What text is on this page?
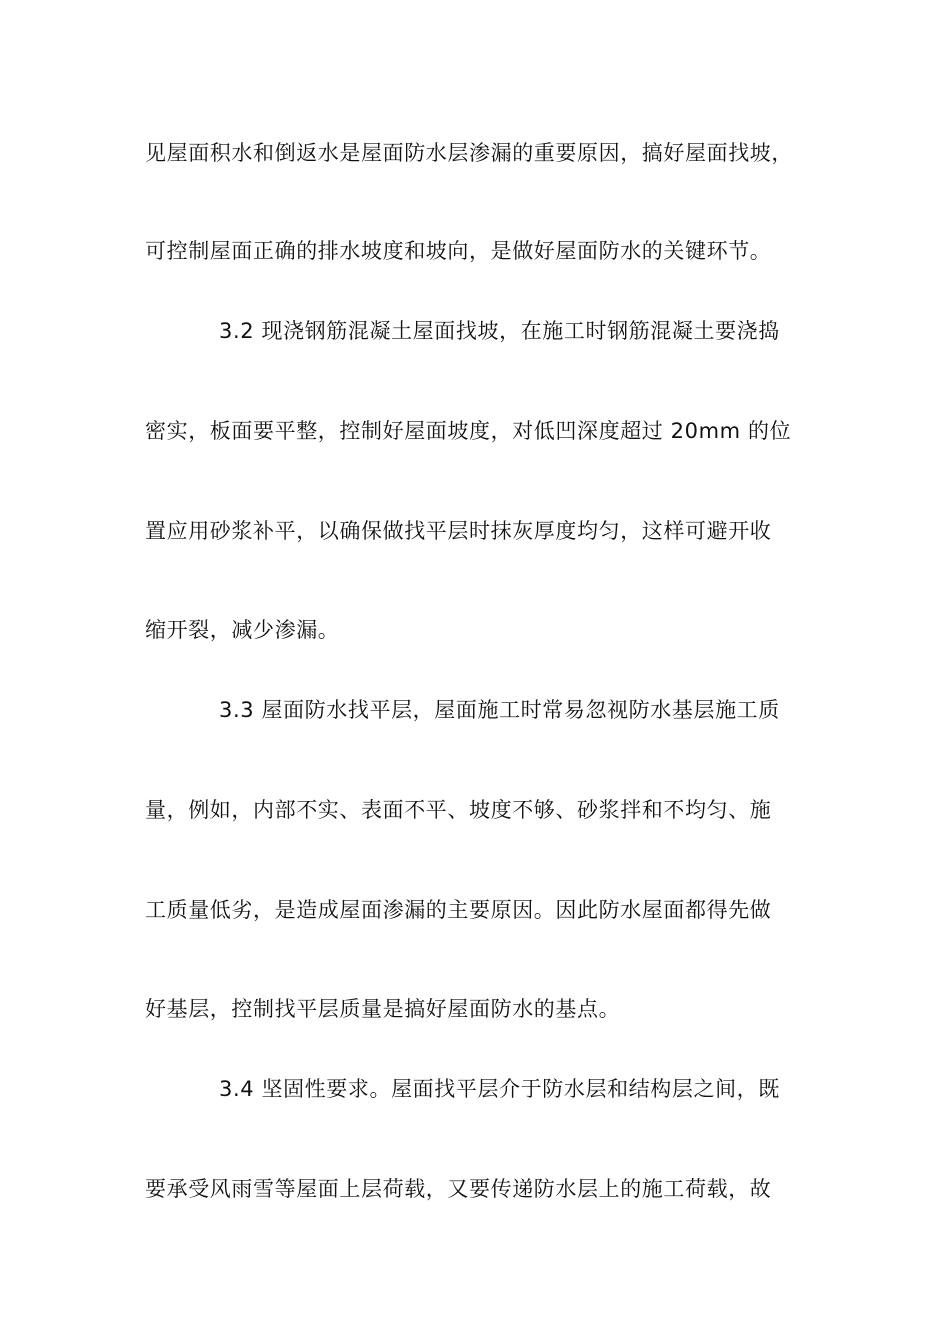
见屋面积水和倒返水是屋面防水层渗漏的重要原因，搞好屋面找坡，
可控制屋面正确的排水坡度和坡向，是做好屋面防水的关键环节。
3.2 现浇钢筋混凝土屋面找坡，在施工时钢筋混凝土要浇捣
密实，板面要平整，控制好屋面坡度，对低凹深度超过 20mm 的位
置应用砂浆补平，以确保做找平层时抹灰厚度均匀，这样可避开收
缩开裂，减少渗漏。
3.3 屋面防水找平层，屋面施工时常易忽视防水基层施工质
量，例如，内部不实、表面不平、坡度不够、砂浆拌和不均匀、施
工质量低劣，是造成屋面渗漏的主要原因。因此防水屋面都得先做
好基层，控制找平层质量是搞好屋面防水的基点。
3.4 坚固性要求。屋面找平层介于防水层和结构层之间，既
要承受风雨雪等屋面上层荷载，又要传递防水层上的施工荷载，故
